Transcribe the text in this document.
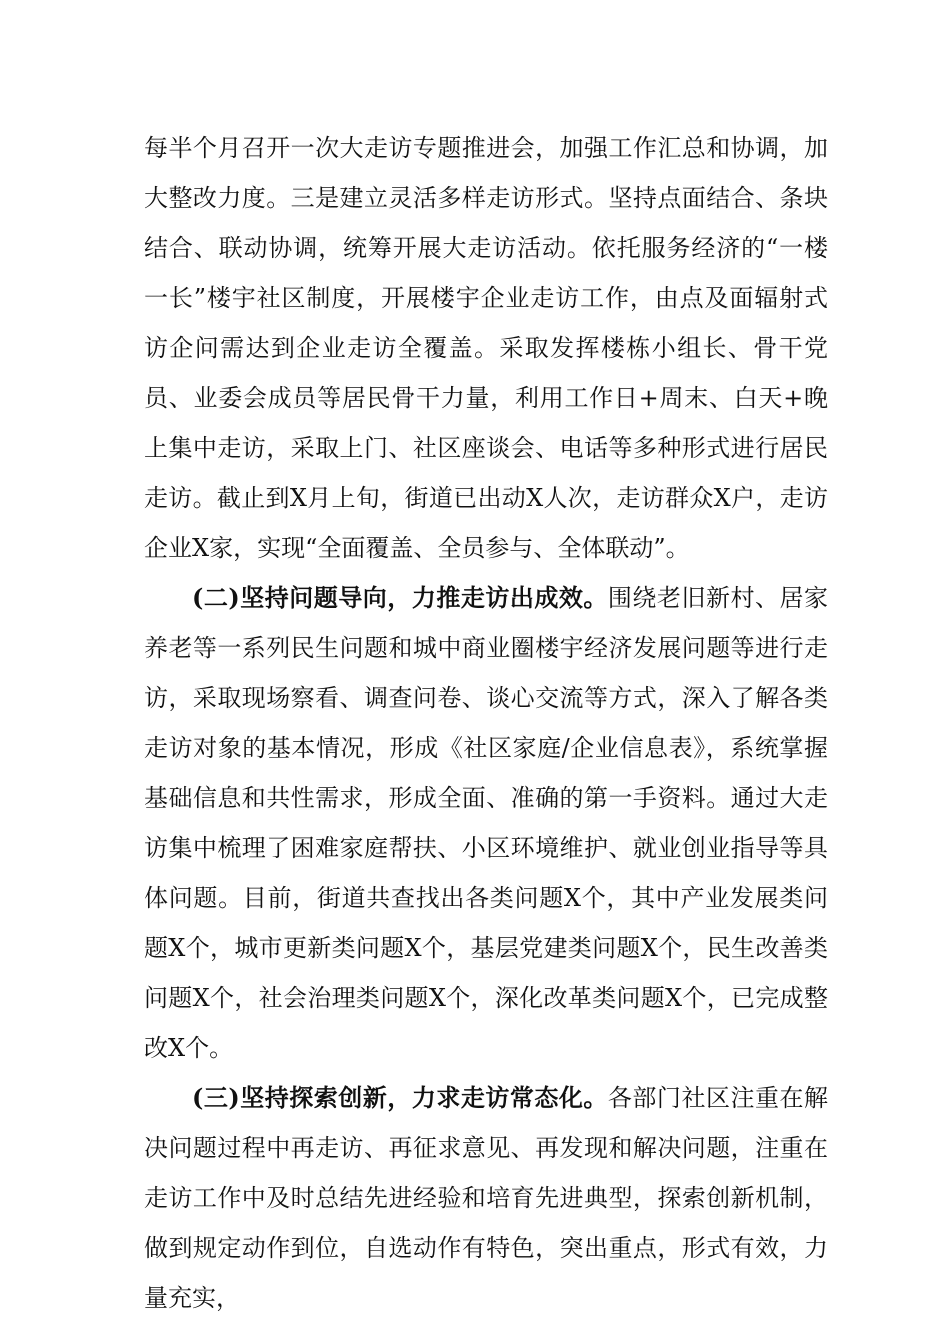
每半个月召开一次大走访专题推进会，加强工作汇总和协调，加大整改力度。三是建立灵活多样走访形式。坚持点面结合、条块结合、联动协调，统筹开展大走访活动。依托服务经济的“一楼一长”楼宇社区制度，开展楼宇企业走访工作，由点及面辐射式访企问需达到企业走访全覆盖。采取发挥楼栋小组长、骨干党员、业委会成员等居民骨干力量，利用工作日+周末、白天+晚上集中走访，采取上门、社区座谈会、电话等多种形式进行居民走访。截止到X月上旬，街道已出动X人次，走访群众X户，走访企业X家，实现“全面覆盖、全员参与、全体联动”。

(二)坚持问题导向，力推走访出成效。围绕老旧新村、居家养老等一系列民生问题和城中商业圈楼宇经济发展问题等进行走访，采取现场察看、调查问卷、谈心交流等方式，深入了解各类走访对象的基本情况，形成《社区家庭/企业信息表》，系统掌握基础信息和共性需求，形成全面、准确的第一手资料。通过大走访集中梳理了困难家庭帮扶、小区环境维护、就业创业指导等具体问题。目前，街道共查找出各类问题X个，其中产业发展类问题X个，城市更新类问题X个，基层党建类问题X个，民生改善类问题X个，社会治理类问题X个，深化改革类问题X个，已完成整改X个。

(三)坚持探索创新，力求走访常态化。各部门社区注重在解决问题过程中再走访、再征求意见、再发现和解决问题，注重在走访工作中及时总结先进经验和培育先进典型，探索创新机制，做到规定动作到位，自选动作有特色，突出重点，形式有效，力量充实，
